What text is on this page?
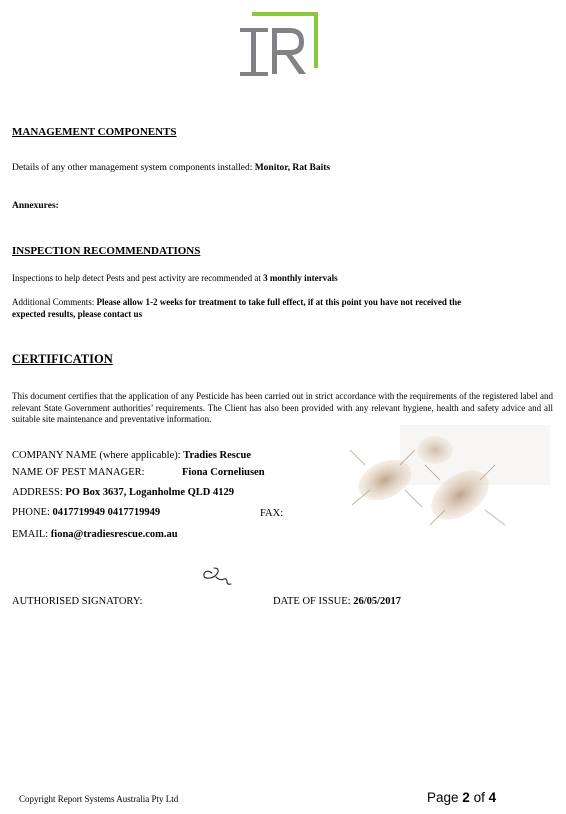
MANAGEMENT COMPONENTS
Details of any other management system components installed: Monitor, Rat Baits
Annexures:
INSPECTION RECOMMENDATIONS
Inspections to help detect Pests and pest activity are recommended at 3 monthly intervals
Additional Comments: Please allow 1-2 weeks for treatment to take full effect, if at this point you have not received the
expected results, please contact us
CERTIFICATION
This document certifies that the application of any Pesticide has been carried out in strict accordance with the requirements of the registered label and relevant State Government authorities’ requirements. The Client has also been provided with any relevant hygiene, health and safety advice and all suitable site maintenance and preventative information.
COMPANY NAME (where applicable): Tradies Rescue
NAME OF PEST MANAGER:	Fiona Corneliusen
ADDRESS: PO Box 3637, Loganholme QLD 4129
PHONE: 0417719949 0417719949	FAX:
EMAIL: fiona@tradiesrescue.com.au
AUTHORISED SIGNATORY:	DATE OF ISSUE: 26/05/2017
Copyright Report Systems Australia Pty Ltd	Page 2 of 4
